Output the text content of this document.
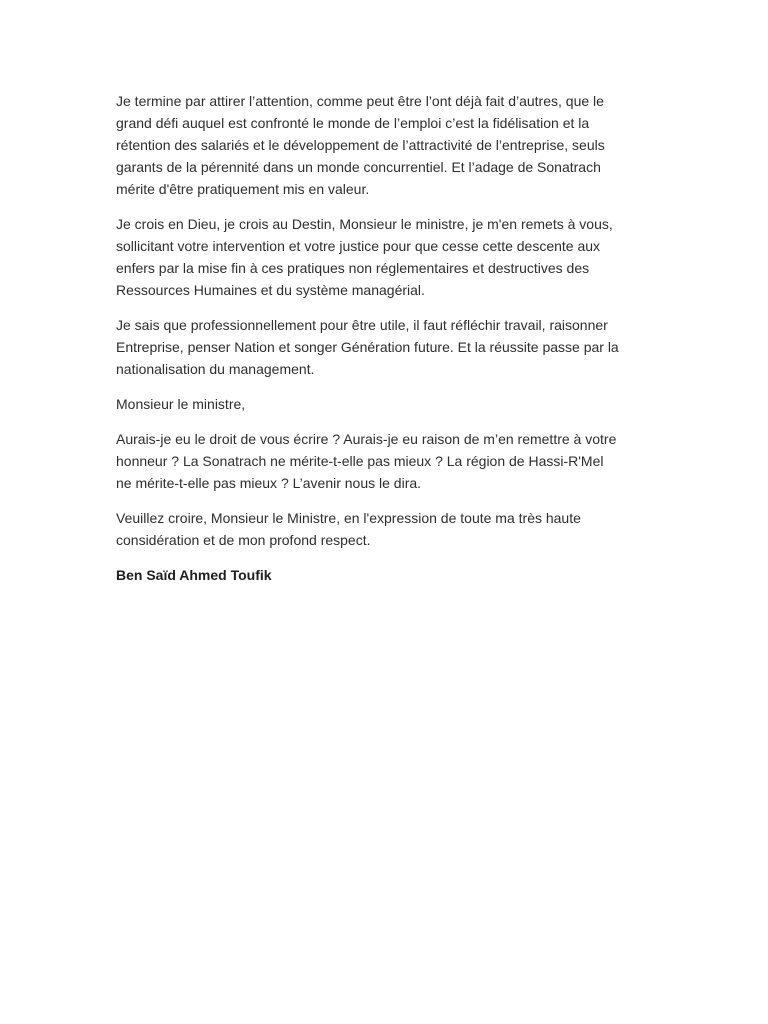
Je termine par attirer l’attention, comme peut être l’ont déjà fait d’autres, que le
grand défi auquel est confronté le monde de l’emploi c’est la fidélisation et la
rétention des salariés et le développement de l’attractivité de l’entreprise, seuls
garants de la pérennité dans un monde concurrentiel. Et l’adage de Sonatrach
mérite d'être pratiquement mis en valeur.

Je crois en Dieu, je crois au Destin, Monsieur le ministre, je m'en remets à vous,
sollicitant votre intervention et votre justice pour que cesse cette descente aux
enfers par la mise fin à ces pratiques non réglementaires et destructives des
Ressources Humaines et du système managérial.

Je sais que professionnellement pour être utile, il faut réfléchir travail, raisonner
Entreprise, penser Nation et songer Génération future. Et la réussite passe par la
nationalisation du management.

Monsieur le ministre,

Aurais-je eu le droit de vous écrire ? Aurais-je eu raison de m’en remettre à votre
honneur ? La Sonatrach ne mérite-t-elle pas mieux ? La région de Hassi-R'Mel
ne mérite-t-elle pas mieux ? L’avenir nous le dira.

Veuillez croire, Monsieur le Ministre, en l'expression de toute ma très haute
considération et de mon profond respect.

Ben Saïd Ahmed Toufik
